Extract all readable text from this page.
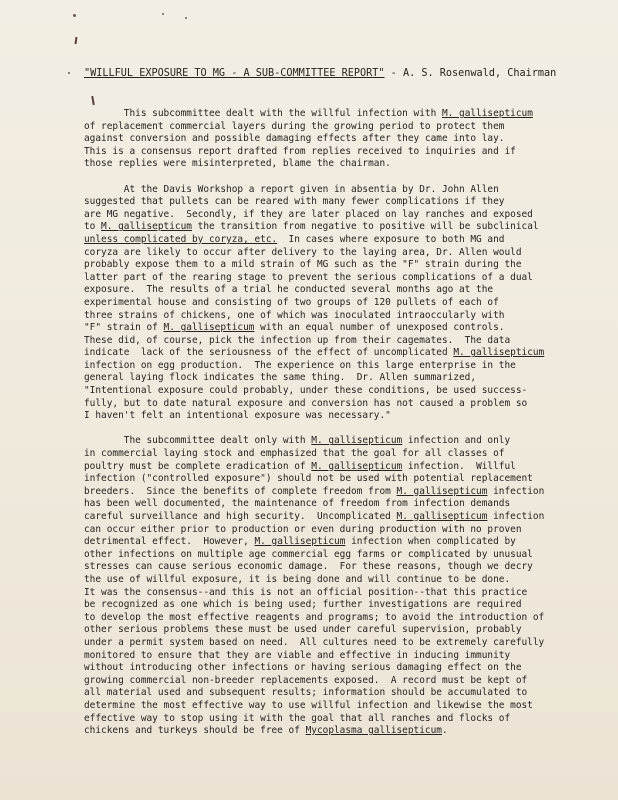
"WILLFUL EXPOSURE TO MG - A SUB-COMMITTEE REPORT" - A. S. Rosenwald, Chairman
This subcommittee dealt with the willful infection with M. gallisepticum
of replacement commercial layers during the growing period to protect them
against conversion and possible damaging effects after they came into lay.
This is a consensus report drafted from replies received to inquiries and if
those replies were misinterpreted, blame the chairman.
At the Davis Workshop a report given in absentia by Dr. John Allen
suggested that pullets can be reared with many fewer complications if they
are MG negative.  Secondly, if they are later placed on lay ranches and exposed
to M. gallisepticum the transition from negative to positive will be subclinical
unless complicated by coryza, etc.  In cases where exposure to both MG and
coryza are likely to occur after delivery to the laying area, Dr. Allen would
probably expose them to a mild strain of MG such as the "F" strain during the
latter part of the rearing stage to prevent the serious complications of a dual
exposure.  The results of a trial he conducted several months ago at the
experimental house and consisting of two groups of 120 pullets of each of
three strains of chickens, one of which was inoculated intraoccularly with
"F" strain of M. gallisepticum with an equal number of unexposed controls.
These did, of course, pick the infection up from their cagemates.  The data
indicate  lack of the seriousness of the effect of uncomplicated M. gallisepticum
infection on egg production.  The experience on this large enterprise in the
general laying flock indicates the same thing.  Dr. Allen summarized,
"Intentional exposure could probably, under these conditions, be used success-
fully, but to date natural exposure and conversion has not caused a problem so
I haven't felt an intentional exposure was necessary."
The subcommittee dealt only with M. gallisepticum infection and only
in commercial laying stock and emphasized that the goal for all classes of
poultry must be complete eradication of M. gallisepticum infection.  Willful
infection ("controlled exposure") should not be used with potential replacement
breeders.  Since the benefits of complete freedom from M. gallisepticum infection
has been well documented, the maintenance of freedom from infection demands
careful surveillance and high security.  Uncomplicated M. gallisepticum infection
can occur either prior to production or even during production with no proven
detrimental effect.  However, M. gallisepticum infection when complicated by
other infections on multiple age commercial egg farms or complicated by unusual
stresses can cause serious economic damage.  For these reasons, though we decry
the use of willful exposure, it is being done and will continue to be done.
It was the consensus--and this is not an official position--that this practice
be recognized as one which is being used; further investigations are required
to develop the most effective reagents and programs; to avoid the introduction of
other serious problems these must be used under careful supervision, probably
under a permit system based on need.  All cultures need to be extremely carefully
monitored to ensure that they are viable and effective in inducing immunity
without introducing other infections or having serious damaging effect on the
growing commercial non-breeder replacements exposed.  A record must be kept of
all material used and subsequent results; information should be accumulated to
determine the most effective way to use willful infection and likewise the most
effective way to stop using it with the goal that all ranches and flocks of
chickens and turkeys should be free of Mycoplasma gallisepticum.
